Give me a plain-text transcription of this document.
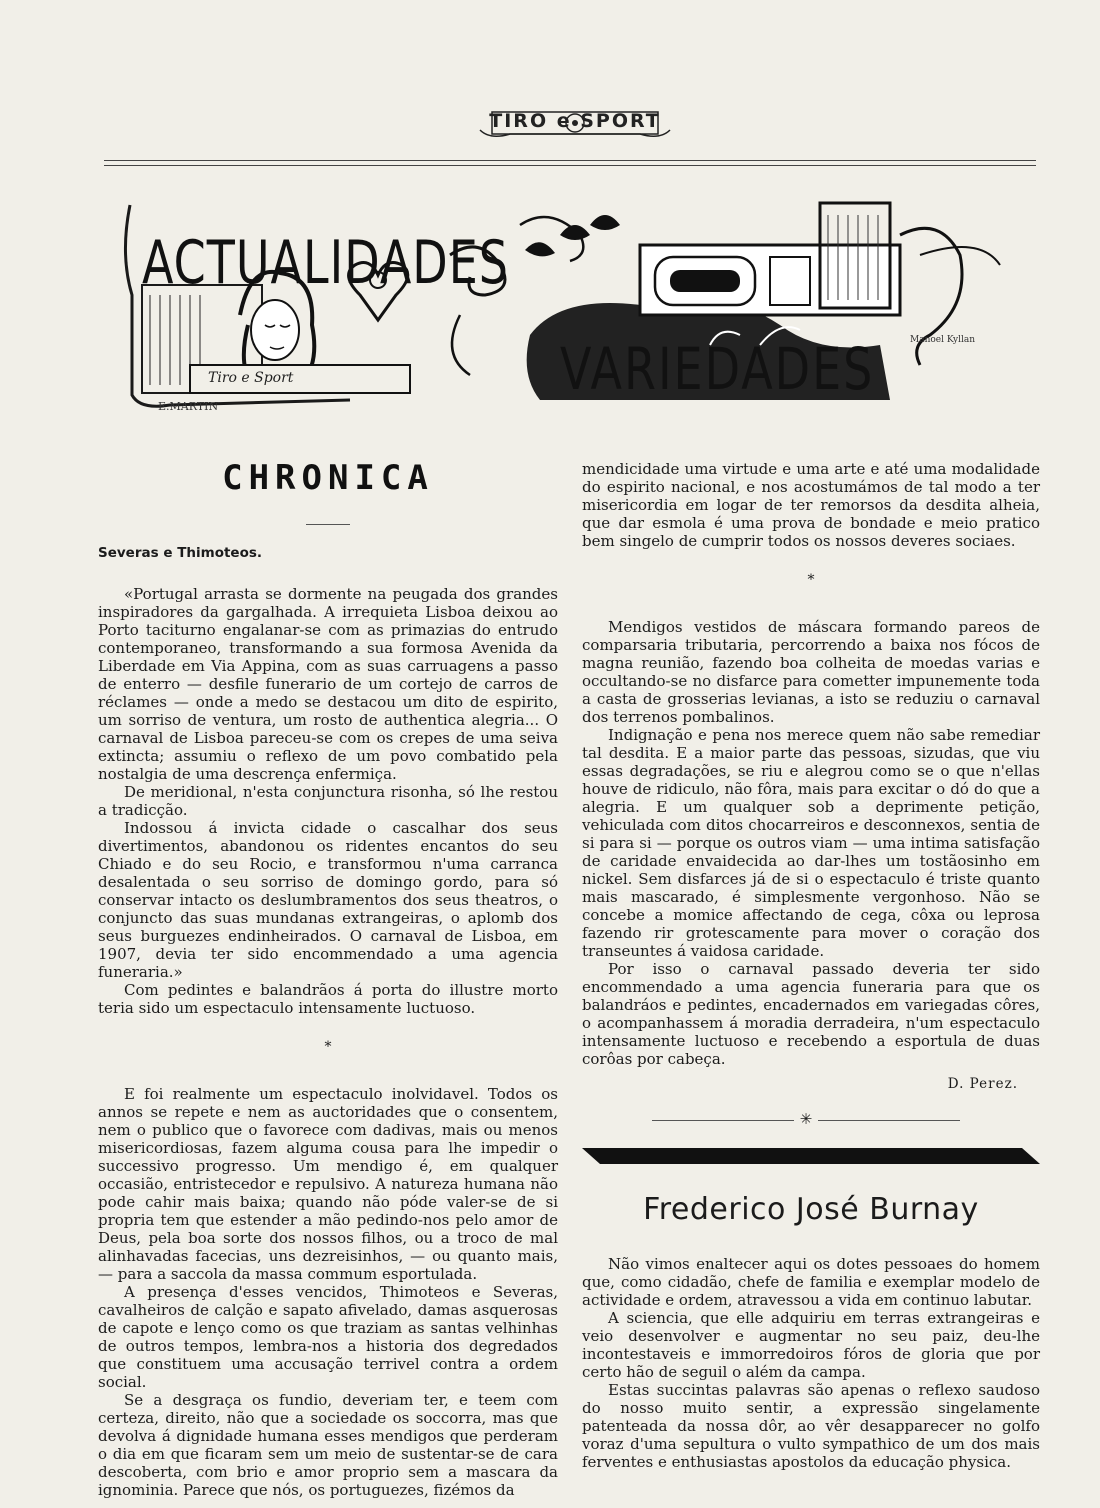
TIRO e SPORT
ACTUALIDADES
VARIEDADES
Tiro e Sport
E.MARTIN
Manoel Kyllan
CHRONICA
Severas e Thimoteos.

«Portugal arrasta se dormente na peugada dos grandes inspiradores da gargalhada. A irrequieta Lisboa deixou ao Porto taciturno engalanar-se com as primazias do entrudo contemporaneo, transformando a sua formosa Avenida da Liberdade em Via Appina, com as suas carruagens a passo de enterro — desfile funerario de um cortejo de carros de réclames — onde a medo se destacou um dito de espirito, um sorriso de ventura, um rosto de authentica alegria... O carnaval de Lisboa pareceu-se com os crepes de uma seiva extincta; assumiu o reflexo de um povo combatido pela nostalgia de uma descrença enfermiça.

De meridional, n'esta conjunctura risonha, só lhe restou a tradicção.

Indossou á invicta cidade o cascalhar dos seus divertimentos, abandonou os ridentes encantos do seu Chiado e do seu Rocio, e transformou n'uma carranca desalentada o seu sorriso de domingo gordo, para só conservar intacto os deslumbramentos dos seus theatros, o conjuncto das suas mundanas extrangeiras, o aplomb dos seus burguezes endinheirados. O carnaval de Lisboa, em 1907, devia ter sido encommendado a uma agencia funeraria.»

Com pedintes e balandrãos á porta do illustre morto teria sido um espectaculo intensamente luctuoso.

*

E foi realmente um espectaculo inolvidavel. Todos os annos se repete e nem as auctoridades que o consentem, nem o publico que o favorece com dadivas, mais ou menos misericordiosas, fazem alguma cousa para lhe impedir o successivo progresso. Um mendigo é, em qualquer occasião, entristecedor e repulsivo. A natureza humana não pode cahir mais baixa; quando não póde valer-se de si propria tem que estender a mão pedindo-nos pelo amor de Deus, pela boa sorte dos nossos filhos, ou a troco de mal alinhavadas facecias, uns dezreisinhos, — ou quanto mais, — para a saccola da massa commum esportulada.

A presença d'esses vencidos, Thimoteos e Severas, cavalheiros de calção e sapato afivelado, damas asquerosas de capote e lenço como os que traziam as santas velhinhas de outros tempos, lembra-nos a historia dos degredados que constituem uma accusação terrivel contra a ordem social.

Se a desgraça os fundio, deveriam ter, e teem com certeza, direito, não que a sociedade os soccorra, mas que devolva á dignidade humana esses mendigos que perderam o dia em que ficaram sem um meio de sustentar-se de cara descoberta, com brio e amor proprio sem a mascara da ignominia. Parece que nós, os portuguezes, fizémos da

mendicidade uma virtude e uma arte e até uma modalidade do espirito nacional, e nos acostumámos de tal modo a ter misericordia em logar de ter remorsos da desdita alheia, que dar esmola é uma prova de bondade e meio pratico bem singelo de cumprir todos os nossos deveres sociaes.

*

Mendigos vestidos de máscara formando pareos de comparsaria tributaria, percorrendo a baixa nos fócos de magna reunião, fazendo boa colheita de moedas varias e occultando-se no disfarce para cometter impunemente toda a casta de grosserias levianas, a isto se reduziu o carnaval dos terrenos pombalinos.

Indignação e pena nos merece quem não sabe remediar tal desdita. E a maior parte das pessoas, sizudas, que viu essas degradações, se riu e alegrou como se o que n'ellas houve de ridiculo, não fôra, mais para excitar o dó do que a alegria. E um qualquer sob a deprimente petição, vehiculada com ditos chocarreiros e desconnexos, sentia de si para si — porque os outros viam — uma intima satisfação de caridade envaidecida ao dar-lhes um tostãosinho em nickel. Sem disfarces já de si o espectaculo é triste quanto mais mascarado, é simplesmente vergonhoso. Não se concebe a momice affectando de cega, côxa ou leprosa fazendo rir grotescamente para mover o coração dos transeuntes á vaidosa caridade.

Por isso o carnaval passado deveria ter sido encommendado a uma agencia funeraria para que os balandráos e pedintes, encadernados em variegadas côres, o acompanhassem á moradia derradeira, n'um espectaculo intensamente luctuoso e recebendo a esportula de duas corôas por cabeça.

D. Perez.
✳
Frederico José Burnay

Não vimos enaltecer aqui os dotes pessoaes do homem que, como cidadão, chefe de familia e exemplar modelo de actividade e ordem, atravessou a vida em continuo labutar.

A sciencia, que elle adquiriu em terras extrangeiras e veio desenvolver e augmentar no seu paiz, deu-lhe incontestaveis e immorredoiros fóros de gloria que por certo hão de seguil o além da campa.

Estas succintas palavras são apenas o reflexo saudoso do nosso muito sentir, a expressão singelamente patenteada da nossa dôr, ao vêr desapparecer no golfo voraz d'uma sepultura o vulto sympathico de um dos mais ferventes e enthusiastas apostolos da educação physica.
